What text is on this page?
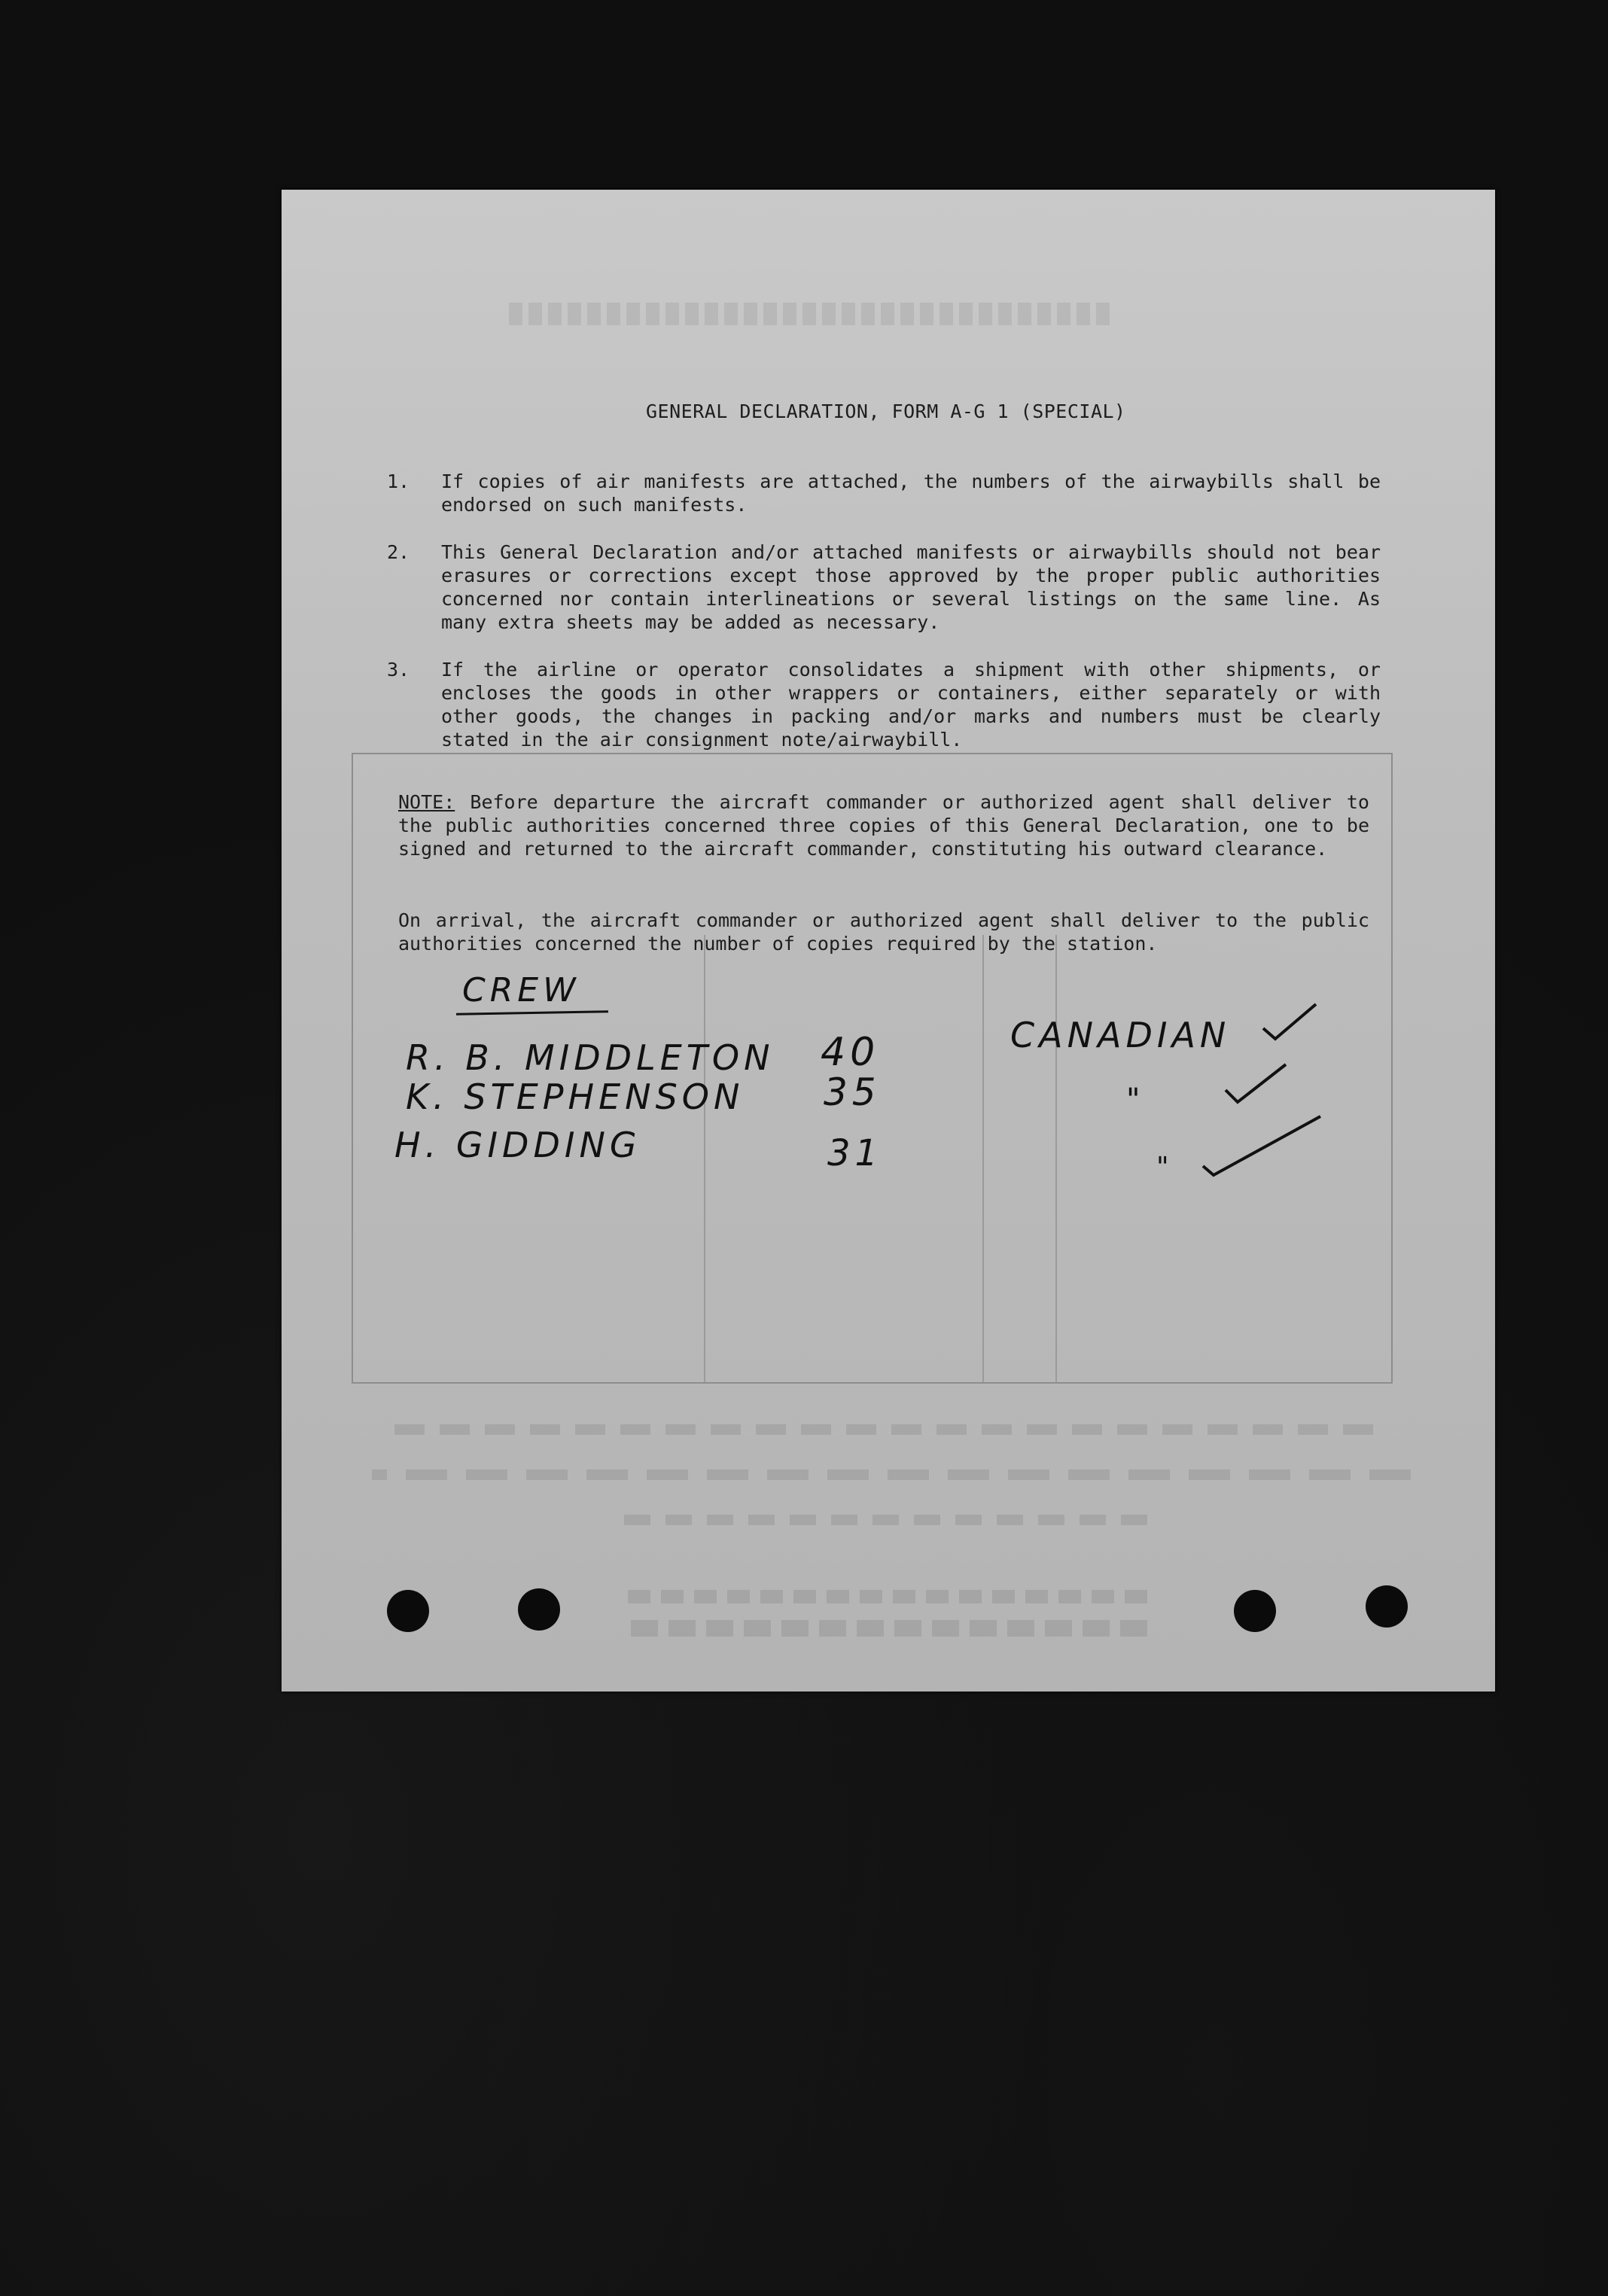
GENERAL DECLARATION, FORM A-G 1 (SPECIAL)
1. If copies of air manifests are attached, the numbers of the airwaybills shall be endorsed on such manifests.
2. This General Declaration and/or attached manifests or airwaybills should not bear erasures or corrections except those approved by the proper public authorities concerned nor contain interlineations or several listings on the same line. As many extra sheets may be added as necessary.
3. If the airline or operator consolidates a shipment with other shipments, or encloses the goods in other wrappers or containers, either separately or with other goods, the changes in packing and/or marks and numbers must be clearly stated in the air consignment note/airwaybill.
NOTE: Before departure the aircraft commander or authorized agent shall deliver to the public authorities concerned three copies of this General Declaration, one to be signed and returned to the aircraft commander, constituting his outward clearance.
On arrival, the aircraft commander or authorized agent shall deliver to the public authorities concerned the number of copies required by the station.
CREW
R. B. MIDDLETON 40	CANADIAN
K. STEPHENSON 35	"
H. GIDDING	31	"
